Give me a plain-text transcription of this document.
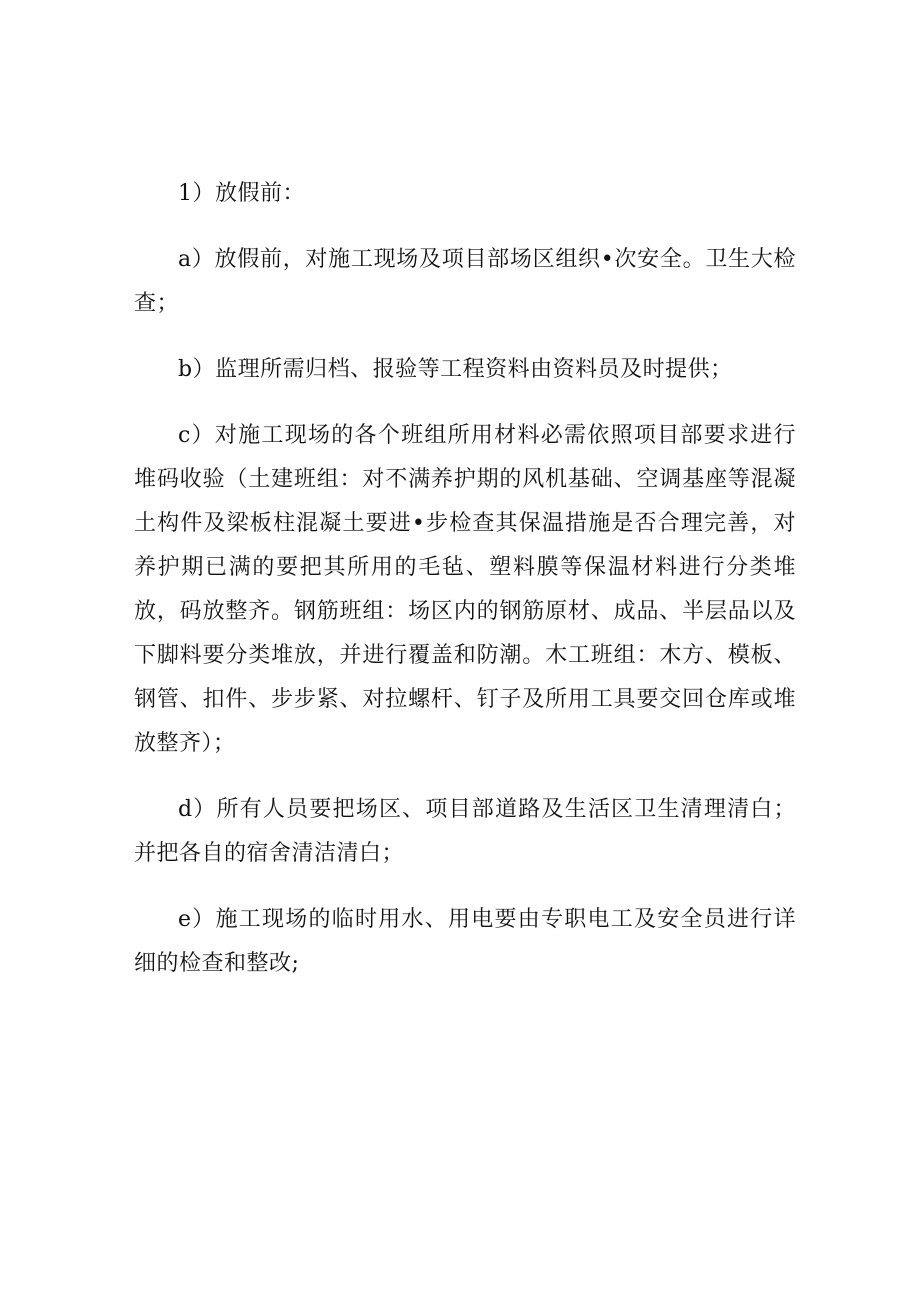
1）放假前：

a）放假前，对施工现场及项目部场区组织•次安全。卫生大检查；

b）监理所需归档、报验等工程资料由资料员及时提供；

c）对施工现场的各个班组所用材料必需依照项目部要求进行堆码收验（土建班组：对不满养护期的风机基础、空调基座等混凝土构件及梁板柱混凝土要进•步检查其保温措施是否合理完善，对养护期已满的要把其所用的毛毡、塑料膜等保温材料进行分类堆放，码放整齐。钢筋班组：场区内的钢筋原材、成品、半层品以及下脚料要分类堆放，并进行覆盖和防潮。木工班组：木方、模板、钢管、扣件、步步紧、对拉螺杆、钉子及所用工具要交回仓库或堆放整齐）；

d）所有人员要把场区、项目部道路及生活区卫生清理清白；并把各自的宿舍清洁清白；

e）施工现场的临时用水、用电要由专职电工及安全员进行详细的检查和整改;
